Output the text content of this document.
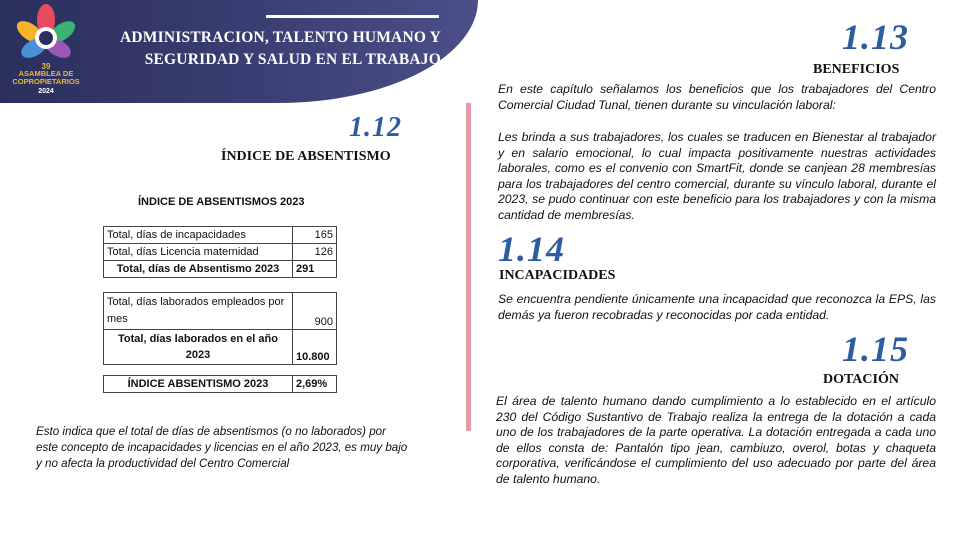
ADMINISTRACION, TALENTO HUMANO Y
SEGURIDAD Y SALUD EN EL TRABAJO
39
ASAMBLEA DE
COPROPIETARIOS
2024
1.12
ÍNDICE DE ABSENTISMO
ÍNDICE DE ABSENTISMOS 2023
Total, días de incapacidades	165
Total, días Licencia maternidad	126
Total, días de Absentismo 2023	291
Total, días laborados empleados por mes	900
Total, días laborados en el año 2023	10.800
ÍNDICE ABSENTISMO 2023	2,69%
Esto indica que el total de días de absentismos (o no laborados) por este concepto de incapacidades y licencias en el año 2023, es muy bajo y no afecta la productividad del Centro Comercial
1.13
BENEFICIOS
En este capítulo señalamos los beneficios que los trabajadores del Centro Comercial Ciudad Tunal, tienen durante su vinculación laboral:
Les brinda a sus trabajadores, los cuales se traducen en Bienestar al trabajador y en salario emocional, lo cual impacta positivamente nuestras actividades laborales, como es el convenio con SmartFit, donde se canjean 28 membresías para los trabajadores del centro comercial, durante su vínculo laboral, durante el 2023, se pudo continuar con este beneficio para los trabajadores y con la misma cantidad de membresías.
1.14
INCAPACIDADES
Se encuentra pendiente únicamente una incapacidad que reconozca la EPS, las demás ya fueron recobradas y reconocidas por cada entidad.
1.15
DOTACIÓN
El área de talento humano dando cumplimiento a lo establecido en el artículo 230 del Código Sustantivo de Trabajo realiza la entrega de la dotación a cada uno de los trabajadores de la parte operativa. La dotación entregada a cada uno de ellos consta de: Pantalón tipo jean, cambiuzo, overol, botas y chaqueta corporativa, verificándose el cumplimiento del uso adecuado por parte del área de talento humano.
